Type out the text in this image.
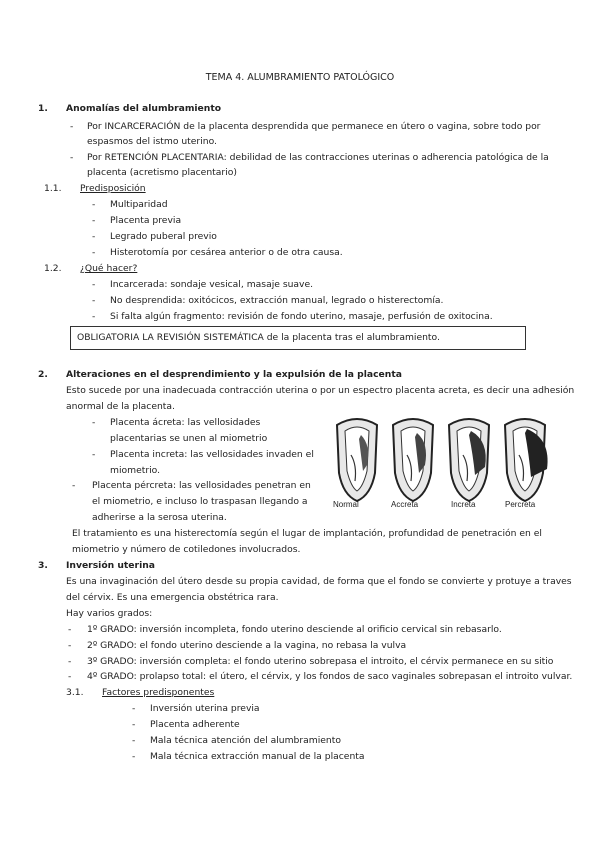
TEMA 4. ALUMBRAMIENTO PATOLÓGICO
1. Anomalías del alumbramiento
- Por INCARCERACIÓN de la placenta desprendida que permanece en útero o vagina, sobre todo por
espasmos del istmo uterino.
- Por RETENCIÓN PLACENTARIA: debilidad de las contracciones uterinas o adherencia patológica de la
placenta (acretismo placentario)
1.1. Predisposición
- Multiparidad
- Placenta previa
- Legrado puberal previo
- Histerotomía por cesárea anterior o de otra causa.
1.2. ¿Qué hacer?
- Incarcerada: sondaje vesical, masaje suave.
- No desprendida: oxitócicos, extracción manual, legrado o histerectomía.
- Si falta algún fragmento: revisión de fondo uterino, masaje, perfusión de oxitocina.
OBLIGATORIA LA REVISIÓN SISTEMÁTICA de la placenta tras el alumbramiento.
2. Alteraciones en el desprendimiento y la expulsión de la placenta
Esto sucede por una inadecuada contracción uterina o por un espectro placenta acreta, es decir una adhesión
anormal de la placenta.
- Placenta ácreta: las vellosidades
placentarias se unen al miometrio
- Placenta increta: las vellosidades invaden el
miometrio.
- Placenta pércreta: las vellosidades penetran en
el miometrio, e incluso lo traspasan llegando a
adherirse a la serosa uterina.
Normal	Accreta	Increta	Percreta
El tratamiento es una histerectomía según el lugar de implantación, profundidad de penetración en el
miometrio y número de cotiledones involucrados.
3. Inversión uterina
Es una invaginación del útero desde su propia cavidad, de forma que el fondo se convierte y protuye a traves
del cérvix. Es una emergencia obstétrica rara.
Hay varios grados:
- 1º GRADO: inversión incompleta, fondo uterino desciende al orificio cervical sin rebasarlo.
- 2º GRADO: el fondo uterino desciende a la vagina, no rebasa la vulva
- 3º GRADO: inversión completa: el fondo uterino sobrepasa el introito, el cérvix permanece en su sitio
- 4º GRADO: prolapso total: el útero, el cérvix, y los fondos de saco vaginales sobrepasan el introito vulvar.
3.1. Factores predisponentes
- Inversión uterina previa
- Placenta adherente
- Mala técnica atención del alumbramiento
- Mala técnica extracción manual de la placenta
